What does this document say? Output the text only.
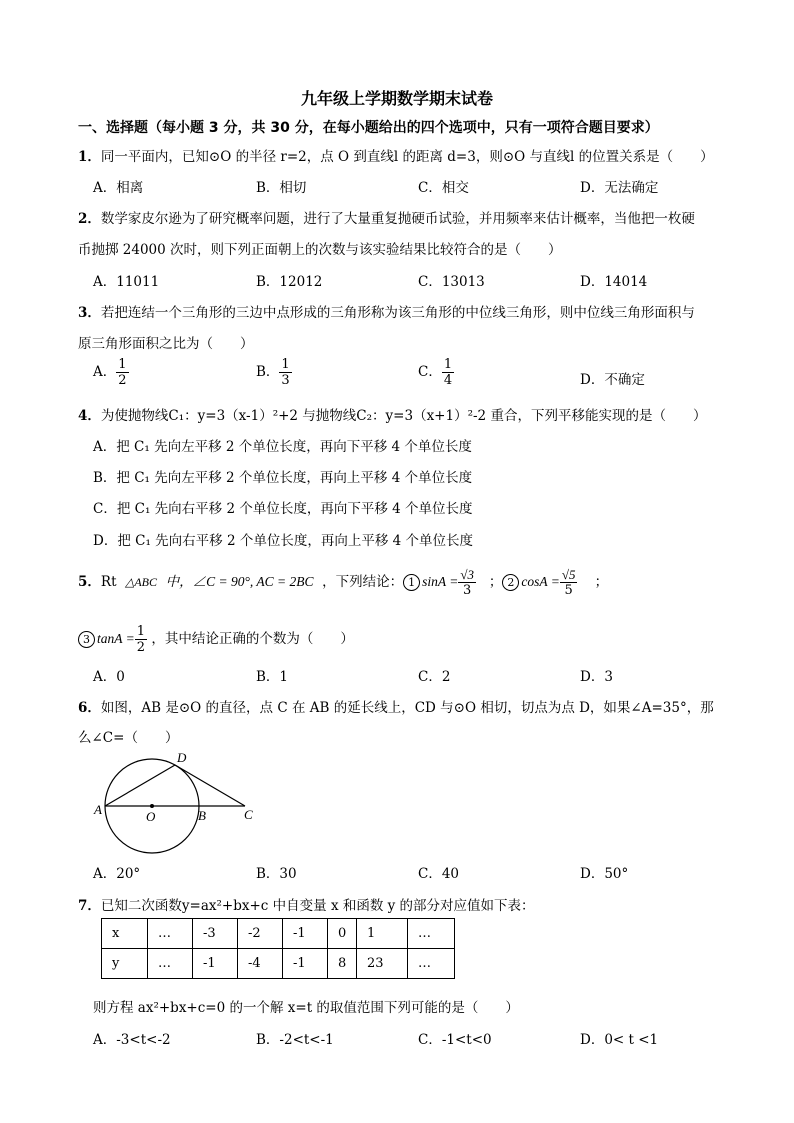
九年级上学期数学期末试卷
一、选择题（每小题 3 分，共 30 分，在每小题给出的四个选项中，只有一项符合题目要求）
1．同一平面内，已知⊙O 的半径 r=2，点 O 到直线l 的距离 d=3，则⊙O 与直线l 的位置关系是（　　）
A．相离	B．相切	C．相交	D．无法确定
2．数学家皮尔逊为了研究概率问题，进行了大量重复抛硬币试验，并用频率来估计概率，当他把一枚硬
币抛掷 24000 次时，则下列正面朝上的次数与该实验结果比较符合的是（　　）
A．11011	B．12012	C．13013	D．14014
3．若把连结一个三角形的三边中点形成的三角形称为该三角形的中位线三角形，则中位线三角形面积与
原三角形面积之比为（　　）
A． $\frac{1}{2}$	B． $\frac{1}{3}$	C． $\frac{1}{4}$	D．不确定
4．为使抛物线C₁：y=3（x-1）²+2 与抛物线C₂：y=3（x+1）²-2 重合，下列平移能实现的是（　　）
A．把 C₁ 先向左平移 2 个单位长度，再向下平移 4 个单位长度
B．把 C₁ 先向左平移 2 个单位长度，再向上平移 4 个单位长度
C．把 C₁ 先向右平移 2 个单位长度，再向下平移 4 个单位长度
D．把 C₁ 先向右平移 2 个单位长度，再向上平移 4 个单位长度
5．Rt △ABC 中，∠C = 90°, AC = 2BC ，下列结论： 1 $\sin A = \frac{√3}{3}$ ； 2 $\cos A = \frac{√5}{5}$ ；
3 $\tan A = \frac{1}{2}$ ，其中结论正确的个数为（　　）
A．0	B．1	C．2	D．3
6．如图，AB 是⊙O 的直径，点 C 在 AB 的延长线上，CD 与⊙O 相切，切点为点 D，如果∠A=35°，那
么∠C=（　　）
A	O	B	C
D
A．20°	B．30	C．40	D．50°
7．已知二次函数y=ax²+bx+c 中自变量 x 和函数 y 的部分对应值如下表：
x	…	-3	-2	-1	0	1	…
y	…	-1	-4	-1	8	23	…
则方程 ax²+bx+c=0 的一个解 x=t 的取值范围下列可能的是（　　）
A．-3<t<-2	B．-2<t<-1	C．-1<t<0	D．0< t <1
